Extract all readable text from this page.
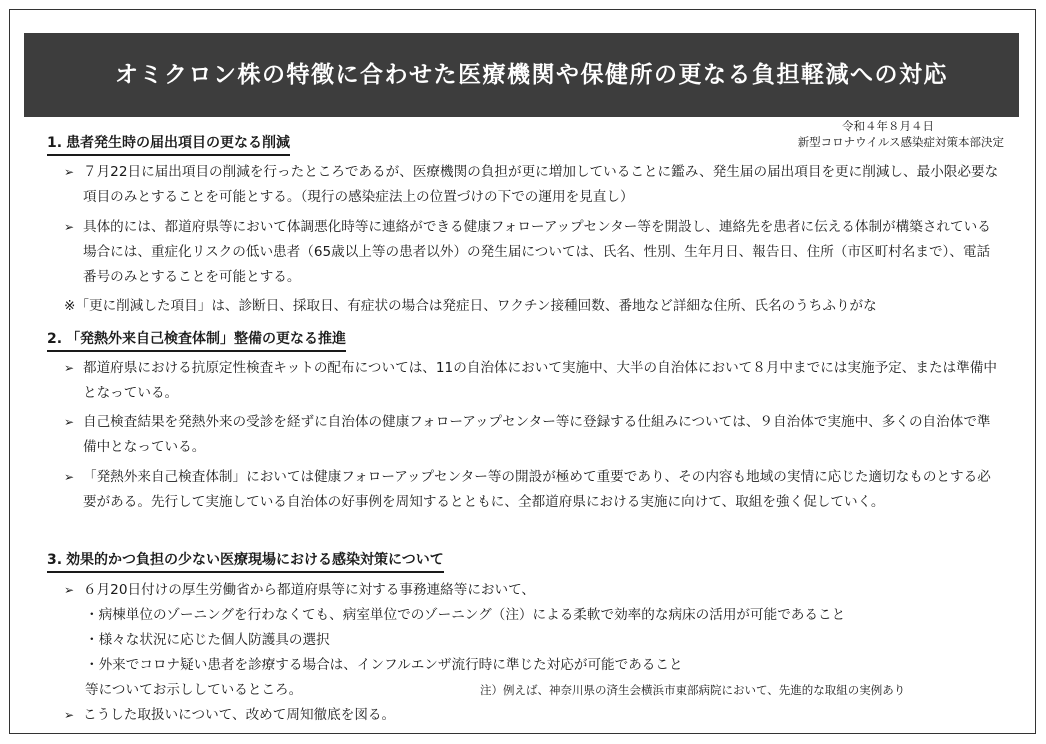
オミクロン株の特徴に合わせた医療機関や保健所の更なる負担軽減への対応
令和４年８月４日
新型コロナウイルス感染症対策本部決定
1. 患者発生時の届出項目の更なる削減
➢ ７月22日に届出項目の削減を行ったところであるが、医療機関の負担が更に増加していることに鑑み、発生届の届出項目を更に削減し、最小限必要な項目のみとすることを可能とする。（現行の感染症法上の位置づけの下での運用を見直し）
➢ 具体的には、都道府県等において体調悪化時等に連絡ができる健康フォローアップセンター等を開設し、連絡先を患者に伝える体制が構築されている場合には、重症化リスクの低い患者（65歳以上等の患者以外）の発生届については、氏名、性別、生年月日、報告日、住所（市区町村名まで）、電話番号のみとすることを可能とする。
※「更に削減した項目」は、診断日、採取日、有症状の場合は発症日、ワクチン接種回数、番地など詳細な住所、氏名のうちふりがな
2. 「発熱外来自己検査体制」整備の更なる推進
➢ 都道府県における抗原定性検査キットの配布については、11の自治体において実施中、大半の自治体において８月中までには実施予定、または準備中となっている。
➢ 自己検査結果を発熱外来の受診を経ずに自治体の健康フォローアップセンター等に登録する仕組みについては、９自治体で実施中、多くの自治体で準備中となっている。
➢ 「発熱外来自己検査体制」においては健康フォローアップセンター等の開設が極めて重要であり、その内容も地域の実情に応じた適切なものとする必要がある。先行して実施している自治体の好事例を周知するとともに、全都道府県における実施に向けて、取組を強く促していく。
3. 効果的かつ負担の少ない医療現場における感染対策について
➢ ６月20日付けの厚生労働省から都道府県等に対する事務連絡等において、
・病棟単位のゾーニングを行わなくても、病室単位でのゾーニング（注）による柔軟で効率的な病床の活用が可能であること
・様々な状況に応じた個人防護具の選択
・外来でコロナ疑い患者を診療する場合は、インフルエンザ流行時に準じた対応が可能であること
等についてお示ししているところ。	注）例えば、神奈川県の済生会横浜市東部病院において、先進的な取組の実例あり
➢ こうした取扱いについて、改めて周知徹底を図る。
